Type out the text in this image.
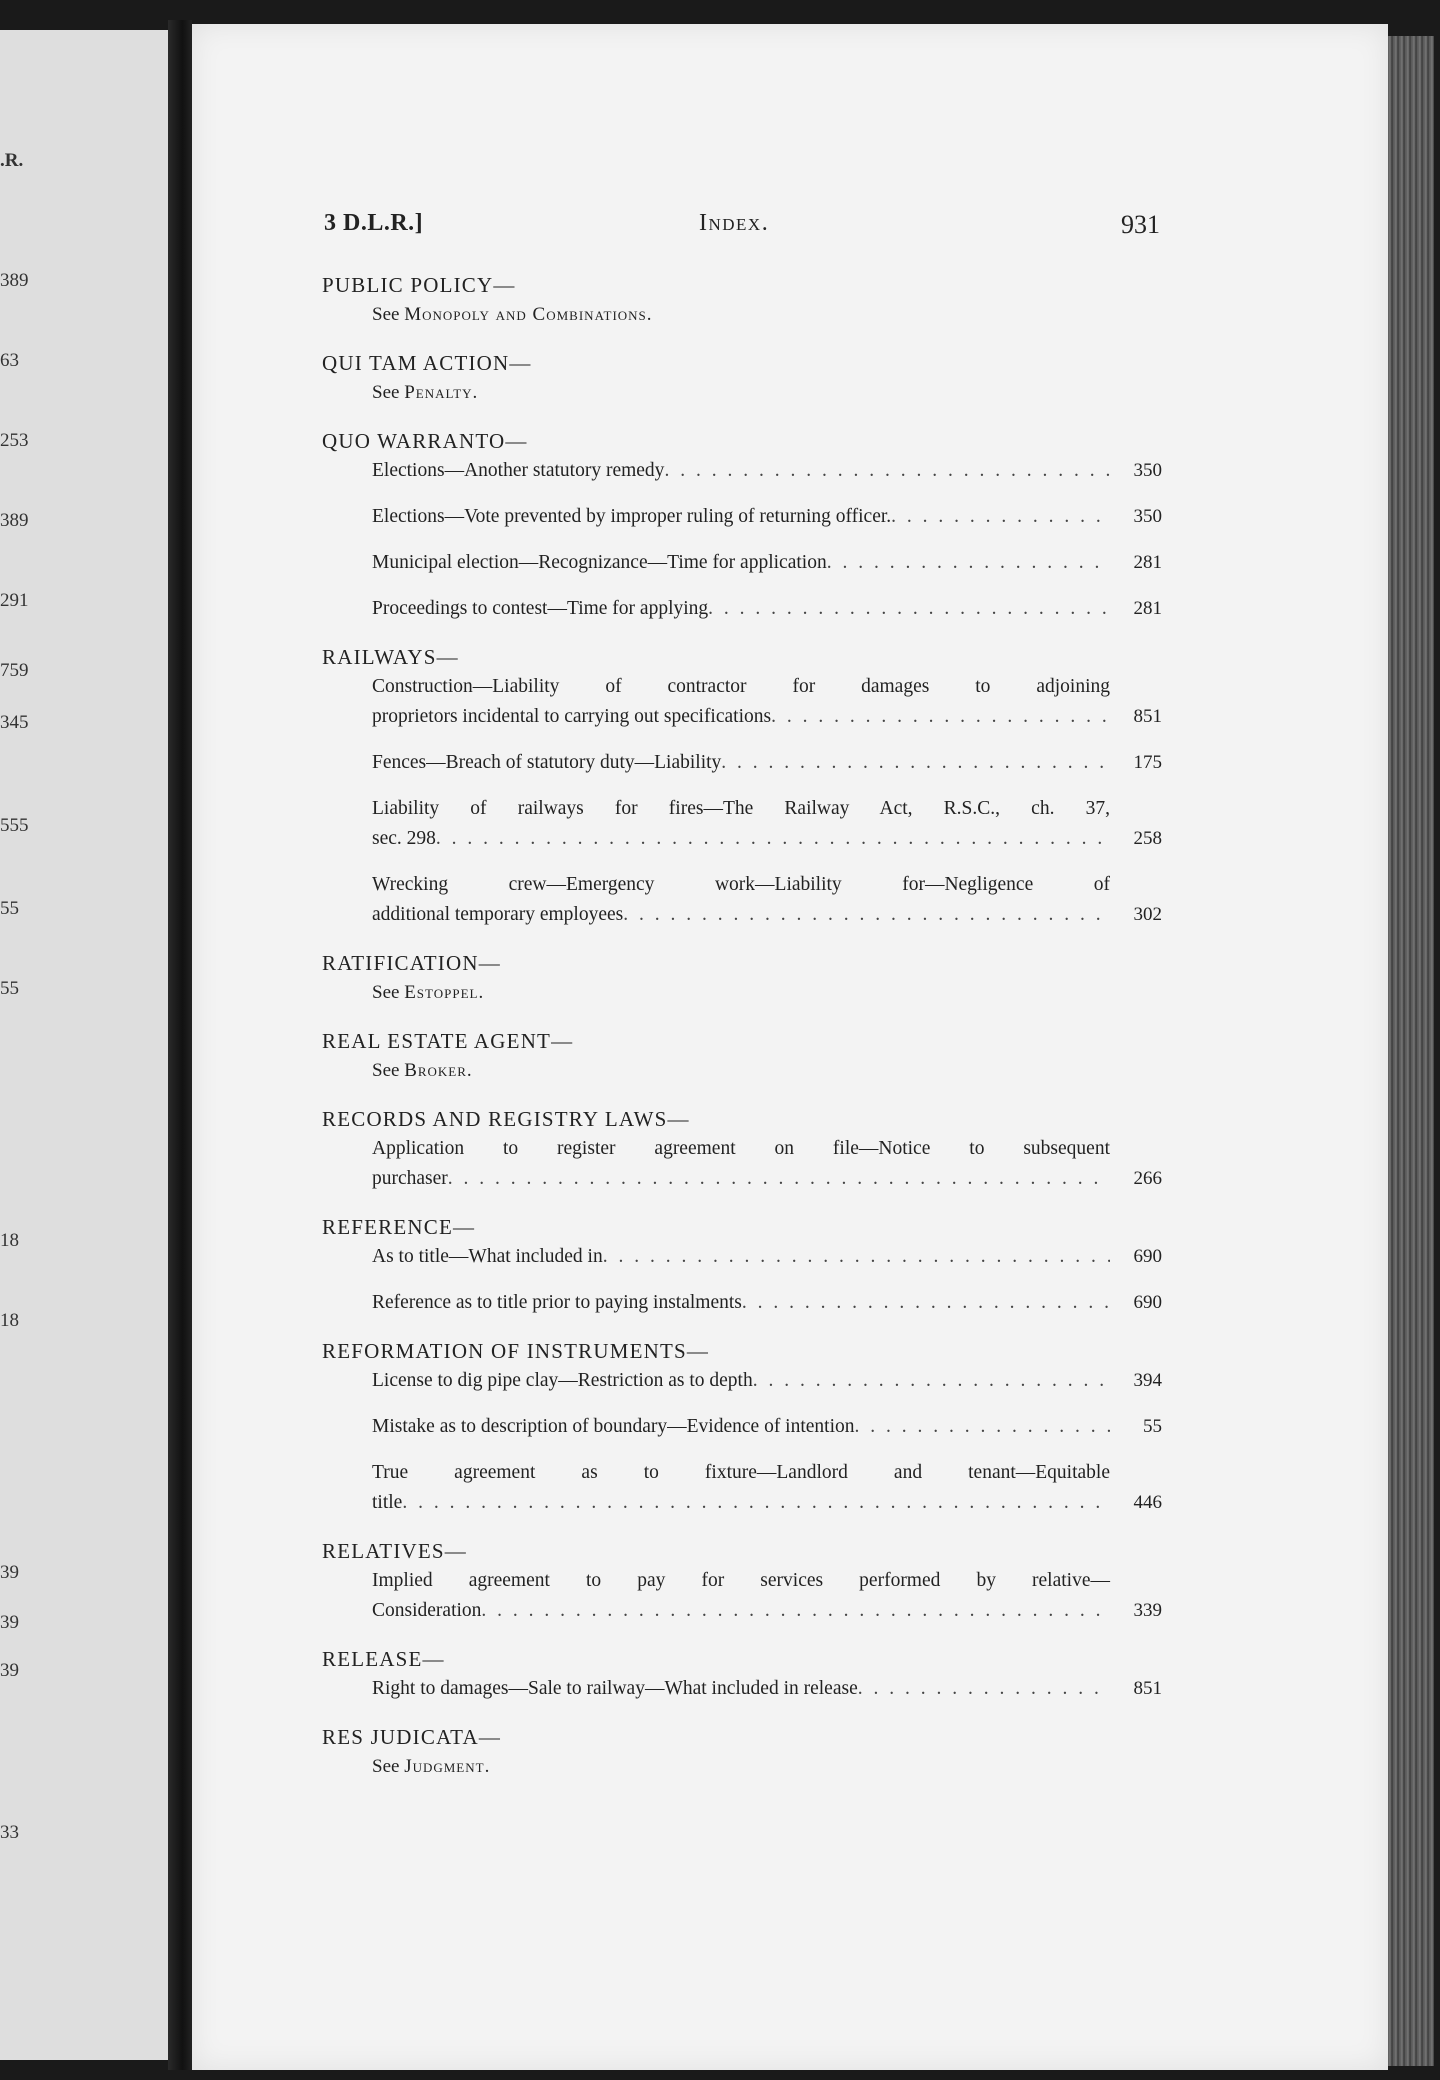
.R.
389
63
253
389
291
759
345
555
55
55
18
18
39
39
39
33
3 D.L.R.]	Index.	931
PUBLIC POLICY—
See Monopoly and Combinations.
QUI TAM ACTION—
See Penalty.
QUO WARRANTO—
Elections—Another statutory remedy . . .	350
Elections—Vote prevented by improper ruling of returning officer. . . .	350
Municipal election—Recognizance—Time for application . . .	281
Proceedings to contest—Time for applying . . .	281
RAILWAYS—
Construction—Liability of contractor for damages to adjoining
proprietors incidental to carrying out specifications . . .	851
Fences—Breach of statutory duty—Liability . . .	175
Liability of railways for fires—The Railway Act, R.S.C., ch. 37,
sec. 298 . . .	258
Wrecking crew—Emergency work—Liability for—Negligence of
additional temporary employees . . .	302
RATIFICATION—
See Estoppel.
REAL ESTATE AGENT—
See Broker.
RECORDS AND REGISTRY LAWS—
Application to register agreement on file—Notice to subsequent
purchaser . . .	266
REFERENCE—
As to title—What included in . . .	690
Reference as to title prior to paying instalments . . .	690
REFORMATION OF INSTRUMENTS—
License to dig pipe clay—Restriction as to depth . . .	394
Mistake as to description of boundary—Evidence of intention . . .	55
True agreement as to fixture—Landlord and tenant—Equitable
title . . .	446
RELATIVES—
Implied agreement to pay for services performed by relative—
Consideration . . .	339
RELEASE—
Right to damages—Sale to railway—What included in release . . .	851
RES JUDICATA—
See Judgment.
